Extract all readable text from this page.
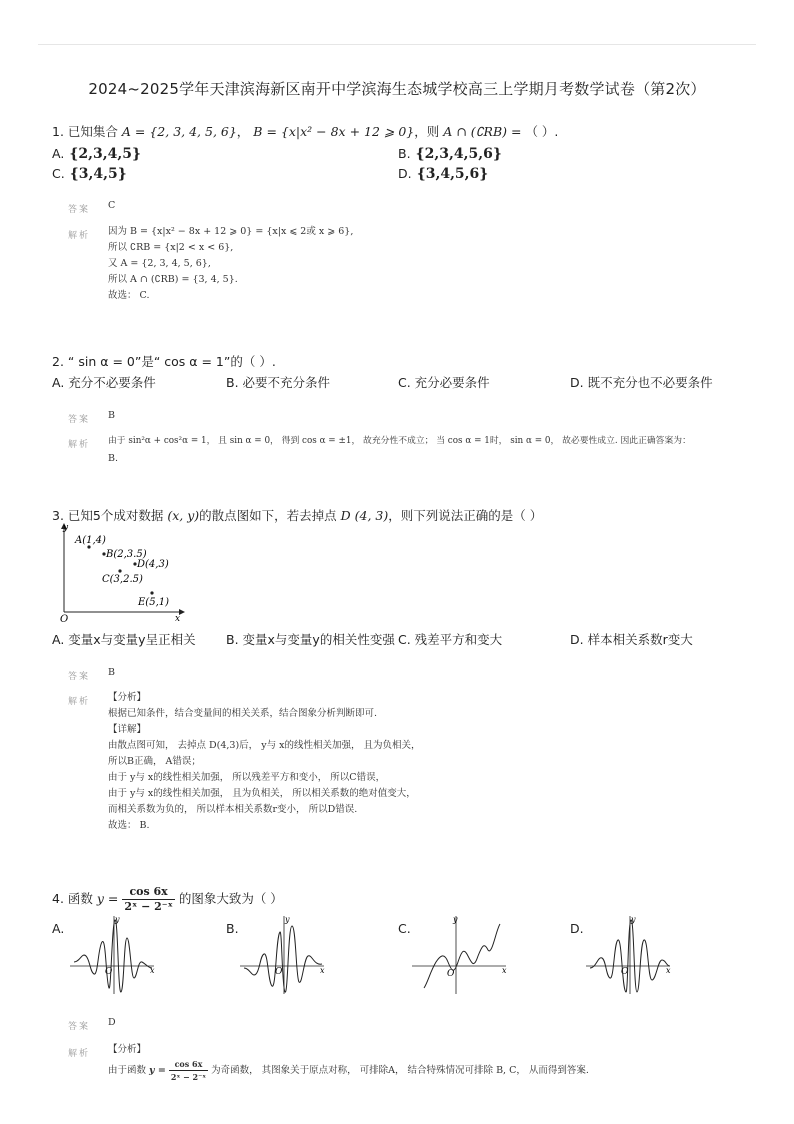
2024~2025学年天津滨海新区南开中学滨海生态城学校高三上学期月考数学试卷（第2次）
1. 已知集合 A = {2, 3, 4, 5, 6}， B = {x|x² − 8x + 12 ⩾ 0}，则 A ∩ (∁RB) = （ ）.
A. {2,3,4,5}	B. {2,3,4,5,6}
C. {3,4,5}	D. {3,4,5,6}
答案 C
解析 因为 B = {x|x² − 8x + 12 ⩾ 0} = {x|x ⩽ 2或 x ⩾ 6},
所以 ∁RB = {x|2 < x < 6},
又 A = {2, 3, 4, 5, 6},
所以 A ∩ (∁RB) = {3, 4, 5}.
故选： C.
2. “ sin α = 0”是“ cos α = 1”的（ ）.
A. 充分不必要条件	B. 必要不充分条件	C. 充分必要条件	D. 既不充分也不必要条件
答案 B
解析 由于 sin²α + cos²α = 1， 且 sin α = 0， 得到 cos α = ±1， 故充分性不成立； 当 cos α = 1时， sin α = 0， 故必要性成立. 因此正确答案为：
B.
3. 已知5个成对数据 (x, y)的散点图如下，若去掉点 D (4, 3)，则下列说法正确的是（ ）
y
x
O
A(1,4)
B(2,3.5)
D(4,3)
C(3,2.5)
E(5,1)
A. 变量x与变量y呈正相关 B. 变量x与变量y的相关性变强 C. 残差平方和变大	D. 样本相关系数r变大
答案 B
解析 【分析】
根据已知条件，结合变量间的相关关系，结合图象分析判断即可.
【详解】
由散点图可知， 去掉点 D(4,3)后， y与 x的线性相关加强， 且为负相关，
所以B正确， A错误；
由于 y与 x的线性相关加强， 所以残差平方和变小， 所以C错误，
由于 y与 x的线性相关加强， 且为负相关， 所以相关系数的绝对值变大，
而相关系数为负的， 所以样本相关系数r变小， 所以D错误.
故选： B.
4. 函数 $y = \frac{\cos 6x}{\text{2ˣ − 2⁻ˣ}}$ 的图象大致为（ ）
A.	B.	C.	D.
y
x
O
y
x
O
y
x
O
y
x
O
答案 D
解析 【分析】
由于函数 $y = \frac{\cos 6x}{\text{2ˣ − 2⁻ˣ}}$ 为奇函数， 其图象关于原点对称， 可排除A， 结合特殊情况可排除 B, C， 从而得到答案.
